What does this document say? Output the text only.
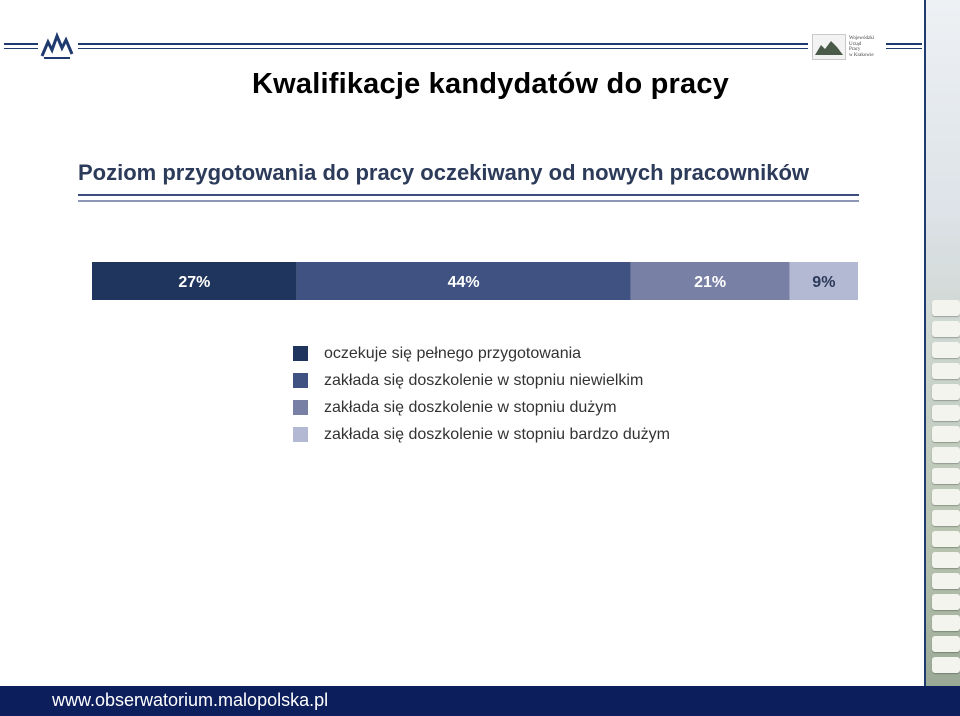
Wojewódzki
Urząd
Pracy
w Krakowie
Kwalifikacje kandydatów do pracy
Poziom przygotowania do pracy oczekiwany od nowych pracowników
27%	44%	21%	9%
oczekuje się pełnego przygotowania
zakłada się doszkolenie w stopniu niewielkim
zakłada się doszkolenie w stopniu dużym
zakłada się doszkolenie w stopniu bardzo dużym
www.obserwatorium.malopolska.pl
